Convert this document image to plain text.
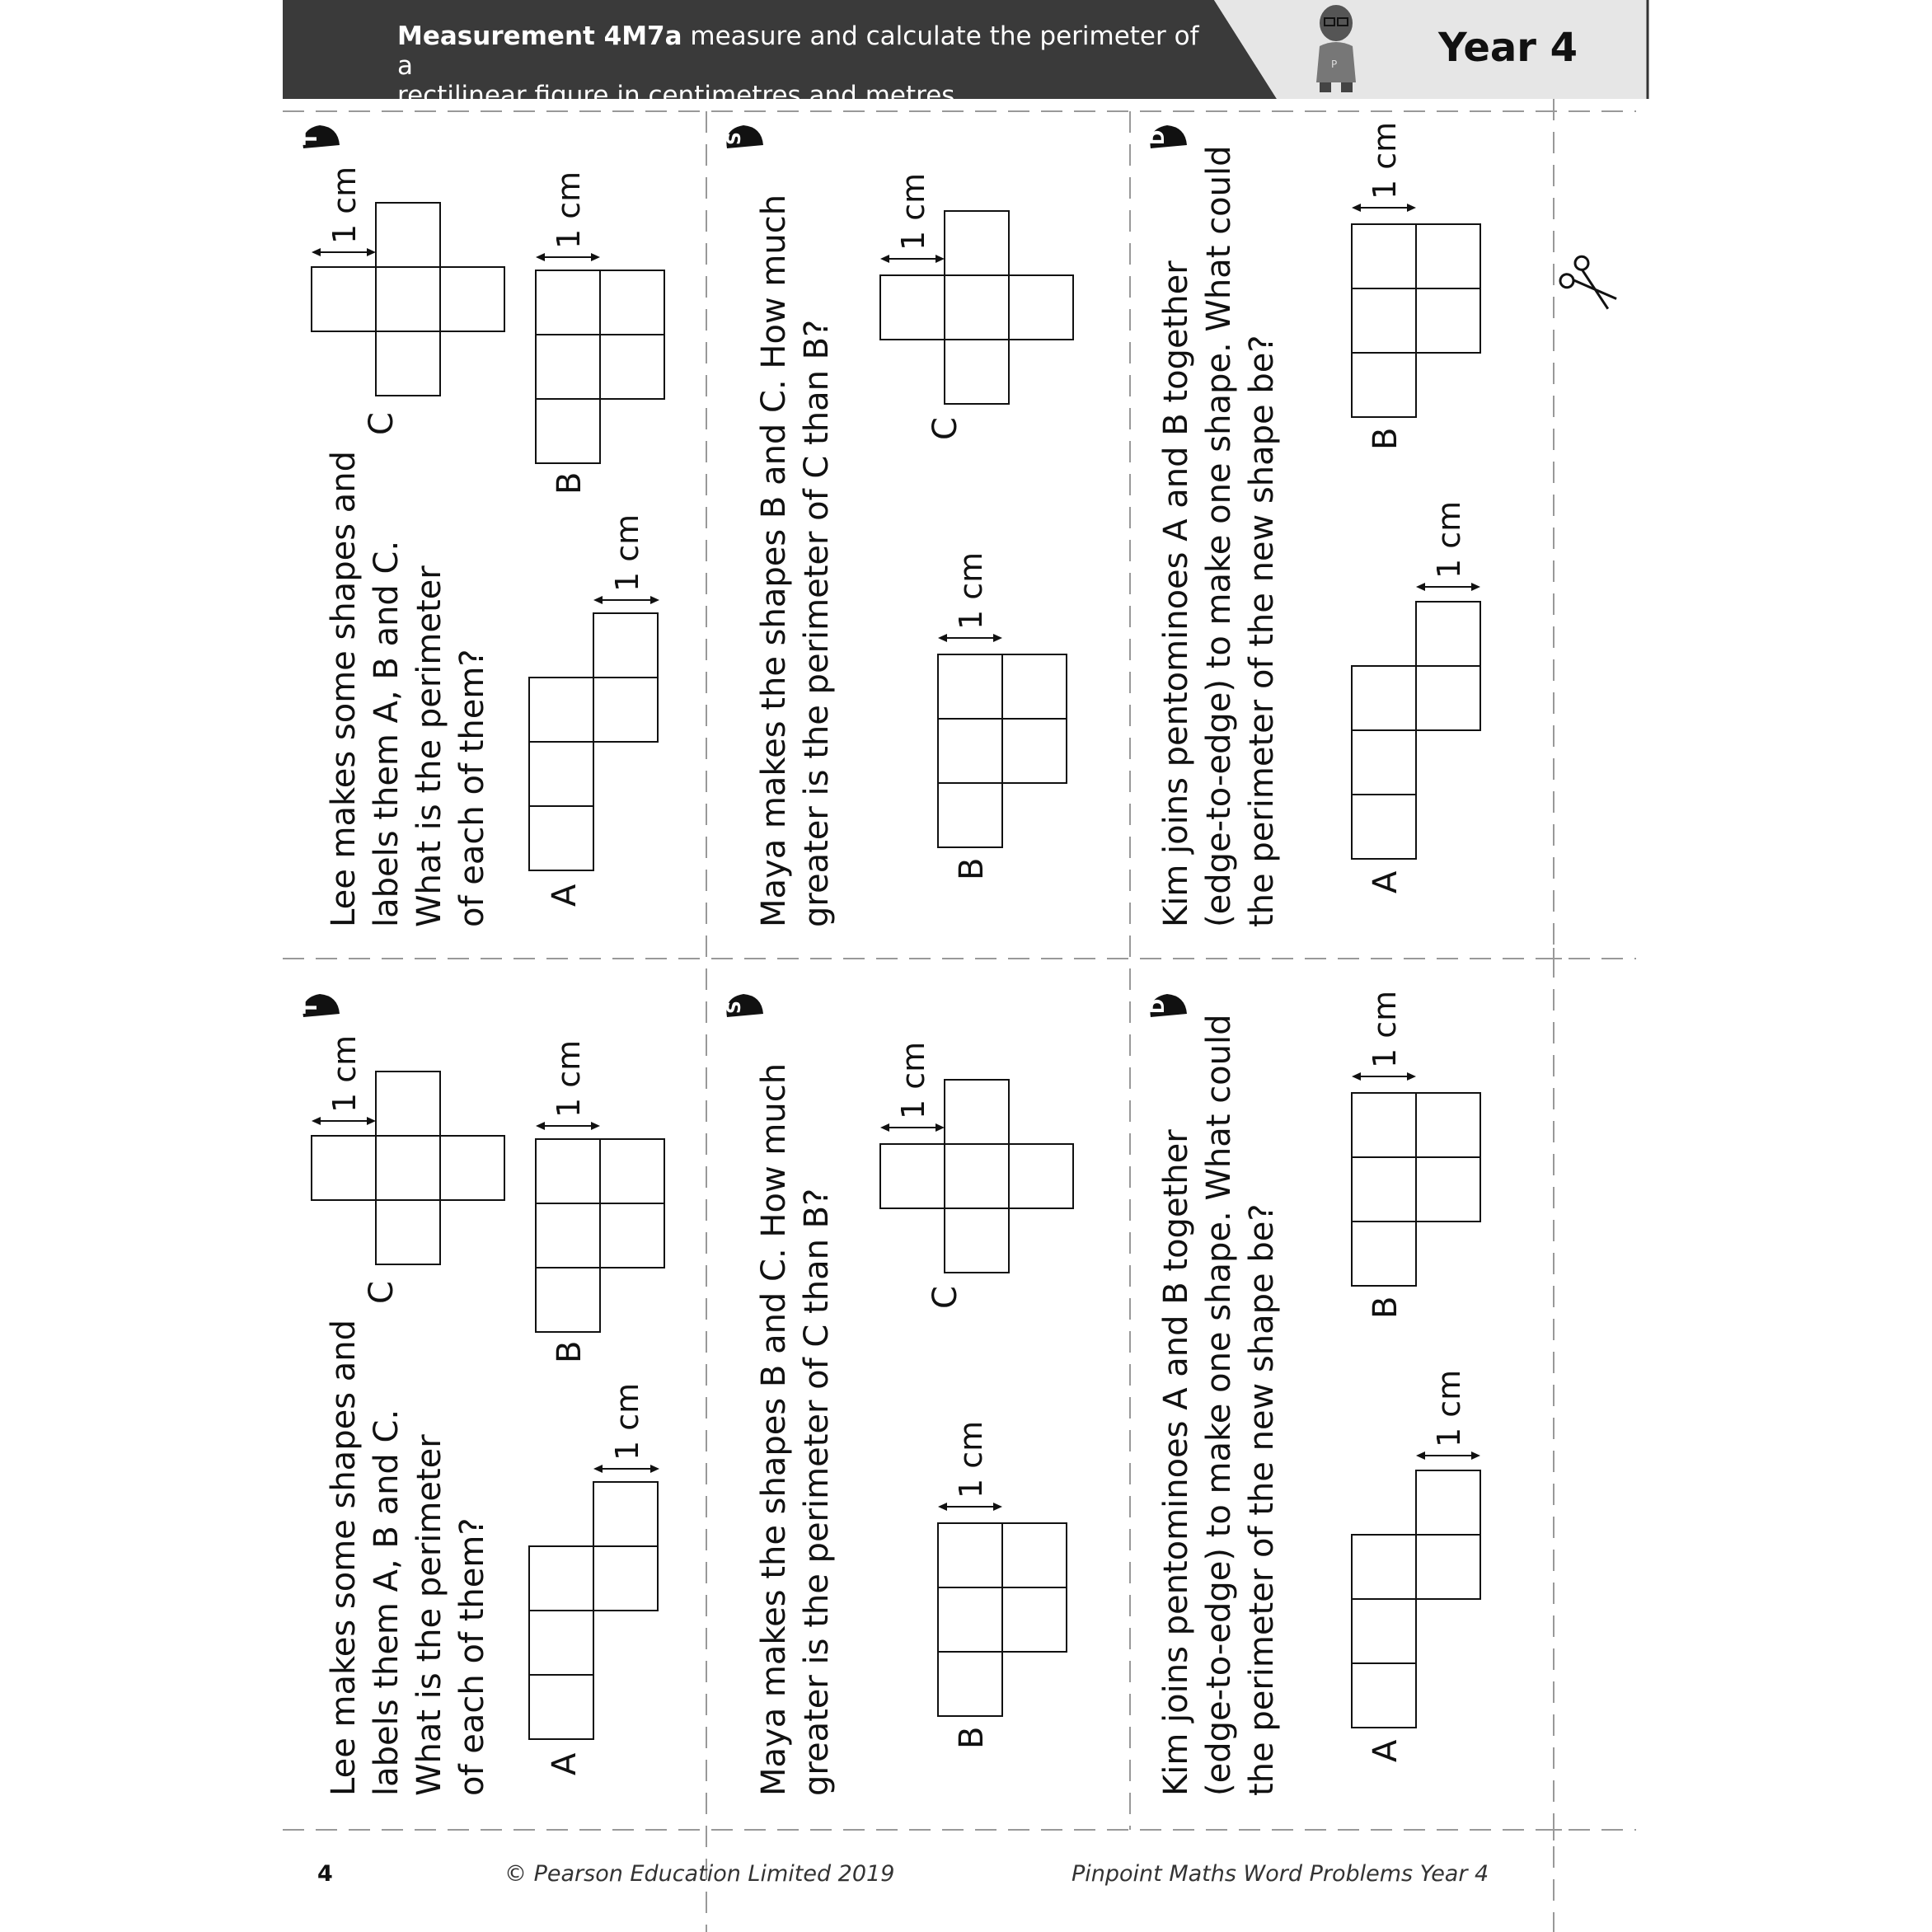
P
Measurement 4M7a measure and calculate the perimeter of a
rectilinear figure in centimetres and metres
Year 4
T
Lee makes some shapes and labels them A, B and C. What is the perimeter of each of them?
1 cm
C
1 cm
B
1 cm
A
S
Maya makes the shapes B and C. How much greater is the perimeter of C than B?
1 cm
C
1 cm
B
D
Kim joins pentominoes A and B together (edge-to-edge) to make one shape. What could the perimeter of the new shape be?
1 cm
B
1 cm
A
T
Lee makes some shapes and labels them A, B and C. What is the perimeter of each of them?
1 cm
C
1 cm
B
1 cm
A
S
Maya makes the shapes B and C. How much greater is the perimeter of C than B?
1 cm
C
1 cm
B
D
Kim joins pentominoes A and B together (edge-to-edge) to make one shape. What could the perimeter of the new shape be?
1 cm
B
1 cm
A
4	© Pearson Education Limited 2019	Pinpoint Maths Word Problems Year 4
